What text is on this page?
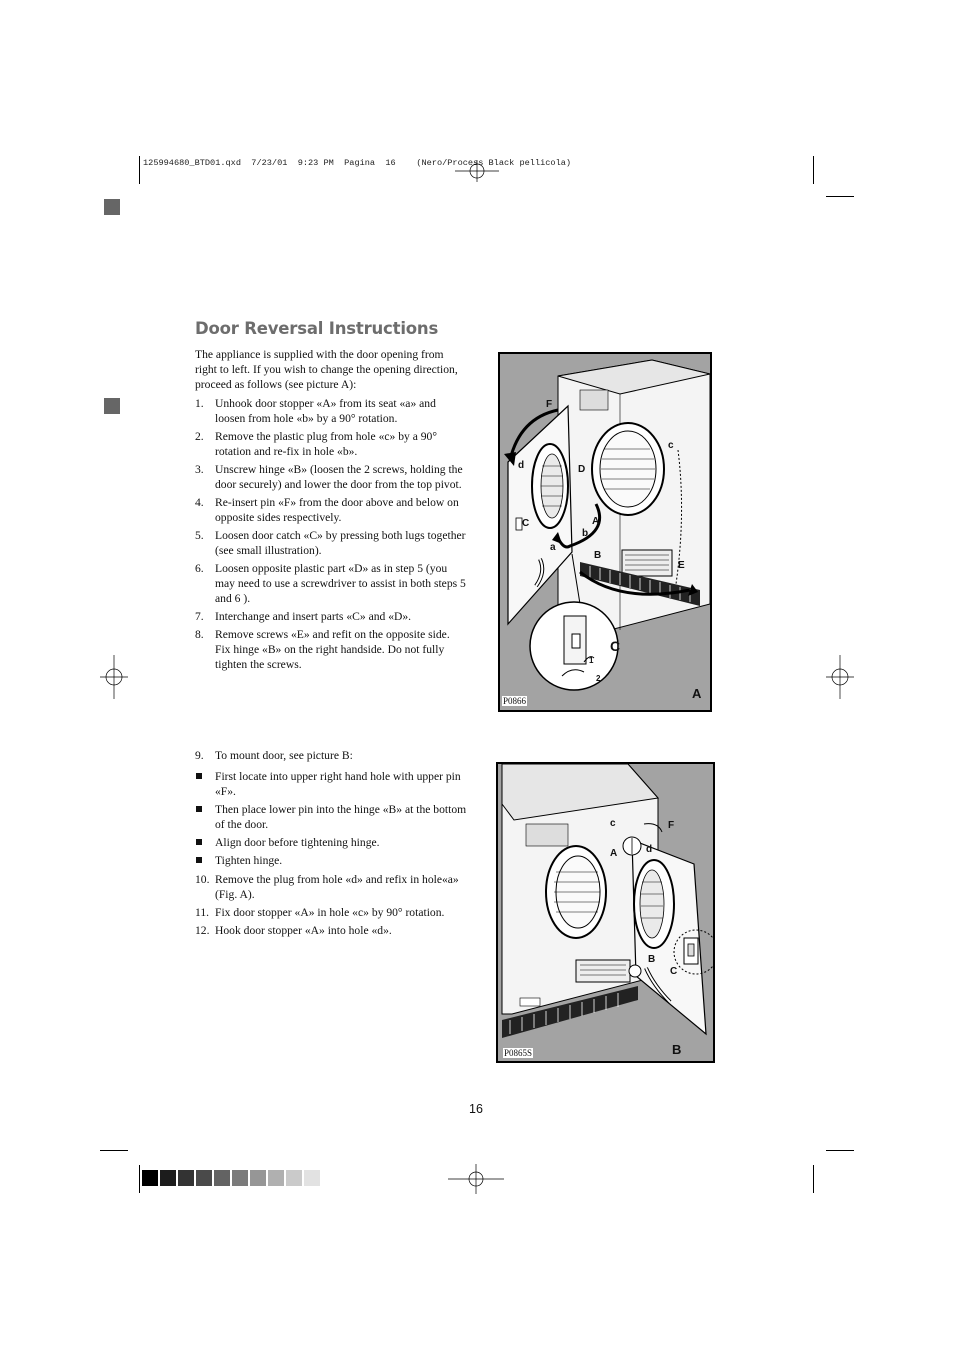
125994680_BTD01.qxd  7/23/01  9:23 PM  Pagina  16    (Nero/Process Black pellicola)
Door Reversal Instructions
The appliance is supplied with the door opening from right to left. If you wish to change the opening direction, proceed as follows (see picture A):
1. Unhook door stopper «A» from its seat «a» and loosen from hole «b» by a 90° rotation.
2. Remove the plastic plug from hole «c» by a 90° rotation and re-fix in hole «b».
3. Unscrew hinge «B» (loosen the 2 screws, holding the door securely) and lower the door from the top pivot.
4. Re-insert pin «F» from the door above and below on opposite sides respectively.
5. Loosen door catch «C» by pressing both lugs together (see small illustration).
6. Loosen opposite plastic part «D» as in step 5 (you may need to use a screwdriver to assist in both steps 5 and 6 ).
7. Interchange and insert parts «C» and «D».
8. Remove screws «E» and refit on the opposite side. Fix hinge «B» on the right handside. Do not fully tighten the screws.
9. To mount door, see picture B:
First locate into upper right hand hole with upper pin «F».
Then place lower pin into the hinge «B» at the bottom of the door.
Align door before tightening hinge.
Tighten hinge.
10. Remove the plug from hole «d» and refix in hole«a» (Fig. A).
11. Fix door stopper «A» in hole «c» by 90° rotation.
12. Hook door stopper «A» into hole «d».
F
c
d	D
C	A
b
a
B
E
C
1
2
P0866	A
c	F
A	d
B
C
P0865S	B
16
